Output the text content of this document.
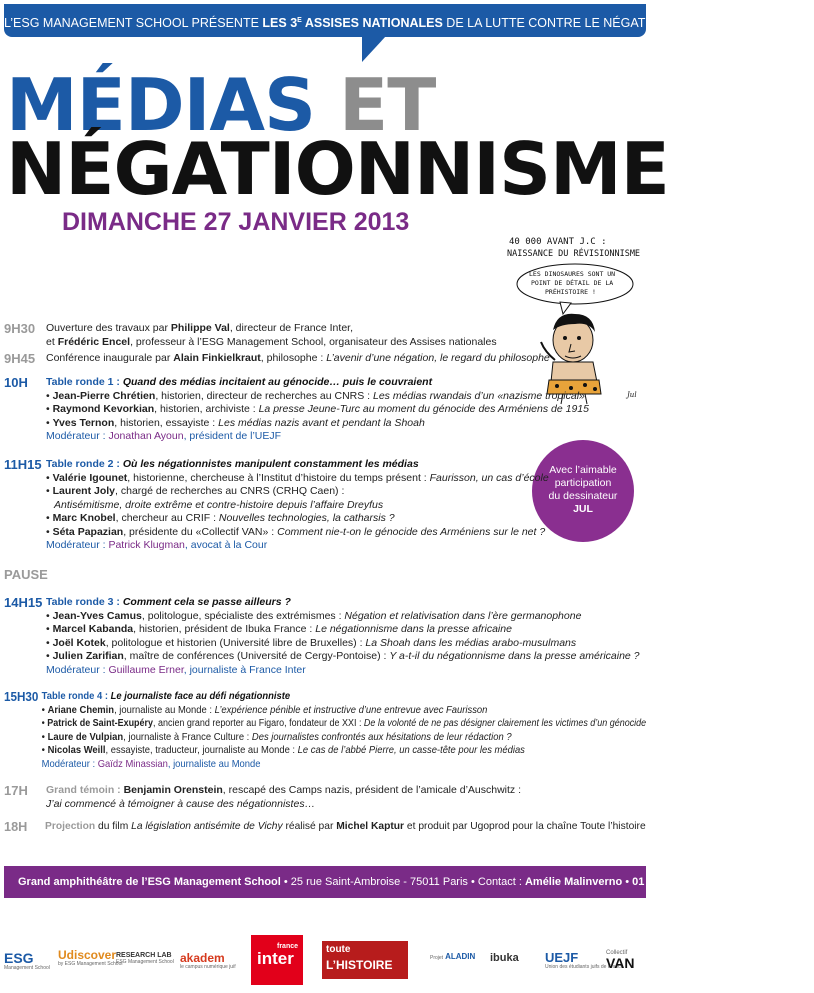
L’ESG MANAGEMENT SCHOOL PRÉSENTE LES $3^E$ ASSISES NATIONALES DE LA LUTTE CONTRE LE NÉGATIONNISME
MÉDIAS ET
NÉGATIONNISME
DIMANCHE 27 JANVIER 2013
40 000 AVANT J.C :
NAISSANCE DU RÉVISIONNISME
LES DINOSAURES SONT UN
POINT DE DÉTAIL DE LA
PRÉHISTOIRE !
Jul
Avec l’aimable
participation
du dessinateur
JUL
9H30	Ouverture des travaux par Philippe Val, directeur de France Inter,
et Frédéric Encel, professeur à l’ESG Management School, organisateur des Assises nationales
9H45	Conférence inaugurale par Alain Finkielkraut, philosophe : L’avenir d’une négation, le regard du philosophe
10H	Table ronde 1 : Quand des médias incitaient au génocide… puis le couvraient
• Jean-Pierre Chrétien, historien, directeur de recherches au CNRS : Les médias rwandais d’un «nazisme tropical»
• Raymond Kevorkian, historien, archiviste : La presse Jeune-Turc au moment du génocide des Arméniens de 1915
• Yves Ternon, historien, essayiste : Les médias nazis avant et pendant la Shoah
Modérateur : Jonathan Ayoun, président de l’UEJF
11H15 Table ronde 2 : Où les négationnistes manipulent constamment les médias
• Valérie Igounet, historienne, chercheuse à l’Institut d’histoire du temps présent : Faurisson, un cas d’école
• Laurent Joly, chargé de recherches au CNRS (CRHQ Caen) :
Antisémitisme, droite extrême et contre-histoire depuis l’affaire Dreyfus
• Marc Knobel, chercheur au CRIF : Nouvelles technologies, la catharsis ?
• Séta Papazian, présidente du «Collectif VAN» : Comment nie-t-on le génocide des Arméniens sur le net ?
Modérateur : Patrick Klugman, avocat à la Cour
PAUSE
14H15 Table ronde 3 : Comment cela se passe ailleurs ?
• Jean-Yves Camus, politologue, spécialiste des extrémismes : Négation et relativisation dans l’ère germanophone
• Marcel Kabanda, historien, président de Ibuka France : Le négationnisme dans la presse africaine
• Joël Kotek, politologue et historien (Université libre de Bruxelles) : La Shoah dans les médias arabo-musulmans
• Julien Zarifian, maître de conférences (Université de Cergy-Pontoise) : Y a-t-il du négationnisme dans la presse américaine ?
Modérateur : Guillaume Erner, journaliste à France Inter
15H30 Table ronde 4 : Le journaliste face au défi négationniste
• Ariane Chemin, journaliste au Monde : L’expérience pénible et instructive d’une entrevue avec Faurisson
• Patrick de Saint-Exupéry, ancien grand reporter au Figaro, fondateur de XXI : De la volonté de ne pas désigner clairement les victimes d’un génocide
• Laure de Vulpian, journaliste à France Culture : Des journalistes confrontés aux hésitations de leur rédaction ?
• Nicolas Weill, essayiste, traducteur, journaliste au Monde : Le cas de l’abbé Pierre, un casse-tête pour les médias
Modérateur : Gaïdz Minassian, journaliste au Monde
17H	Grand témoin : Benjamin Orenstein, rescapé des Camps nazis, président de l’amicale d’Auschwitz :
J’ai commencé à témoigner à cause des négationnistes…
18H	Projection du film La législation antisémite de Vichy réalisé par Michel Kaptur et produit par Ugoprod pour la chaîne Toute l’histoire
Grand amphithéâtre de l’ESG Management School • 25 rue Saint-Ambroise - 75011 Paris • Contact : Amélie Malinverno • 01 53 36 44 27 • amalinverno@esg.fr
ESG
Management School
Udiscover
by ESG Management School
RESEARCH LAB
ESG Management School akadem
le campus numérique juif
france
inter	toute
L’HISTOIRE	Projet ALADIN ibuka UEJF
Union des étudiants juifs de France
Collectif
VAN
